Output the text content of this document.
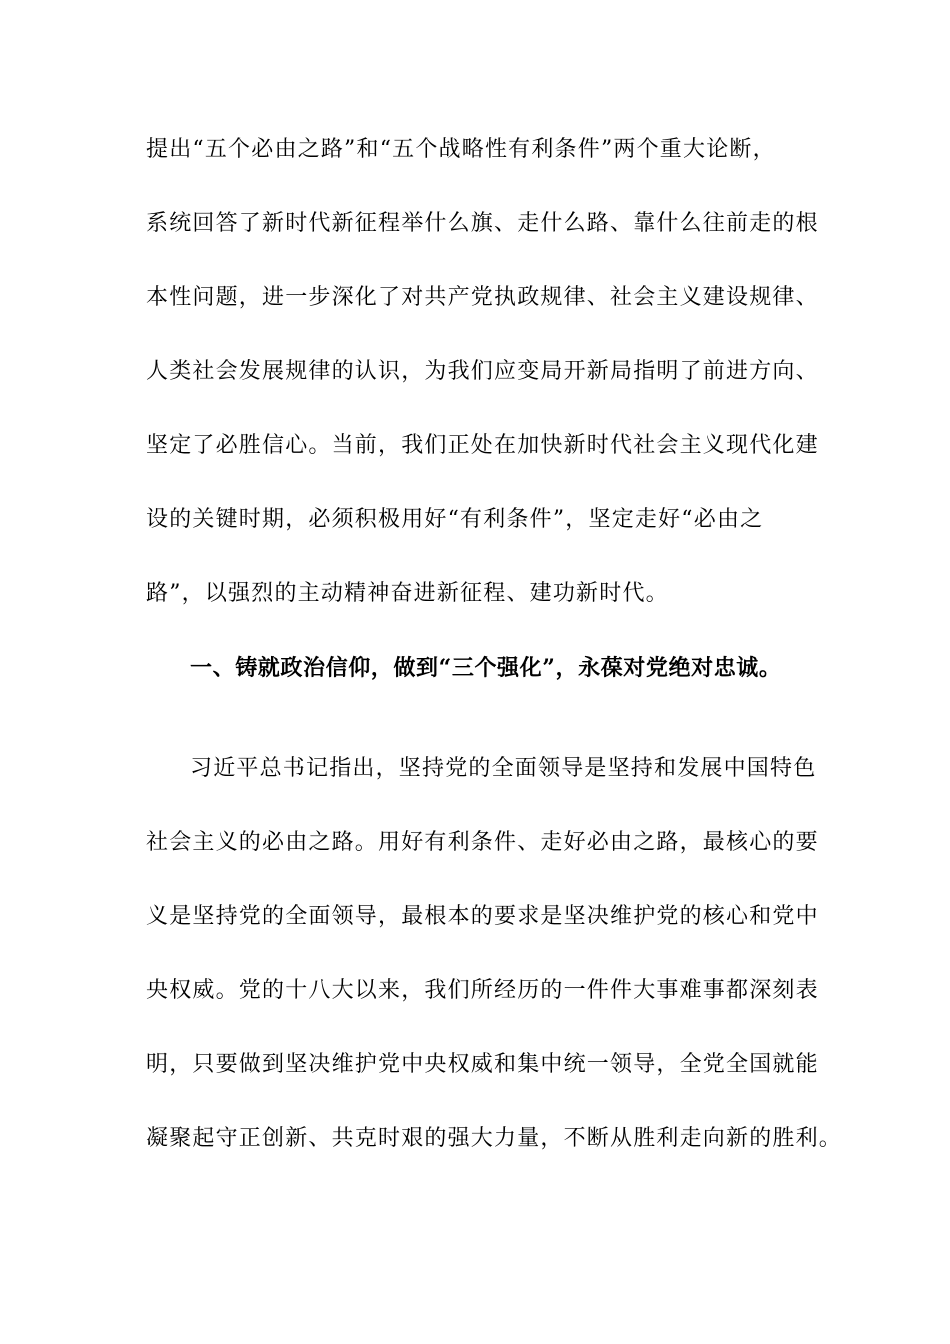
提出“五个必由之路”和“五个战略性有利条件”两个重大论断，
系统回答了新时代新征程举什么旗、走什么路、靠什么往前走的根
本性问题，进一步深化了对共产党执政规律、社会主义建设规律、
人类社会发展规律的认识，为我们应变局开新局指明了前进方向、
坚定了必胜信心。当前，我们正处在加快新时代社会主义现代化建
设的关键时期，必须积极用好“有利条件”，坚定走好“必由之
路”，以强烈的主动精神奋进新征程、建功新时代。
一、铸就政治信仰，做到“三个强化”，永葆对党绝对忠诚。
习近平总书记指出，坚持党的全面领导是坚持和发展中国特色
社会主义的必由之路。用好有利条件、走好必由之路，最核心的要
义是坚持党的全面领导，最根本的要求是坚决维护党的核心和党中
央权威。党的十八大以来，我们所经历的一件件大事难事都深刻表
明，只要做到坚决维护党中央权威和集中统一领导，全党全国就能
凝聚起守正创新、共克时艰的强大力量，不断从胜利走向新的胜利。
